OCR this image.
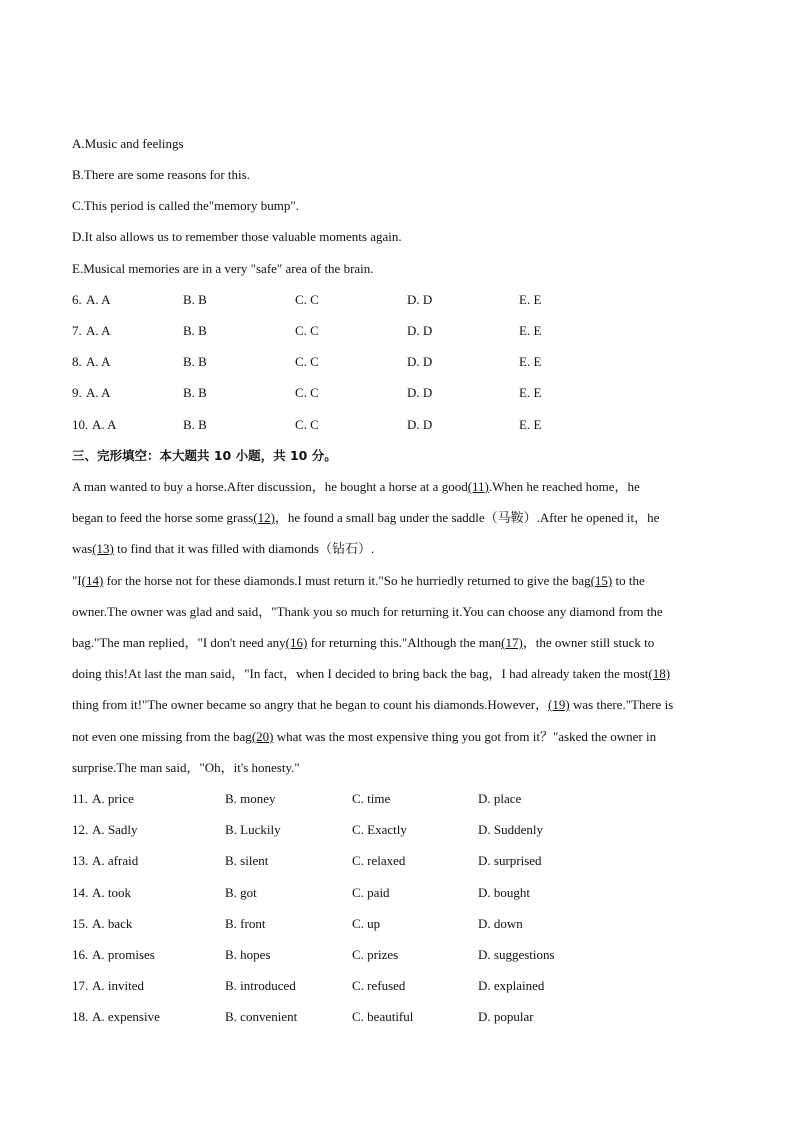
A.Music and feelings
B.There are some reasons for this.
C.This period is called the"memory bump".
D.It also allows us to remember those valuable moments again.
E.Musical memories are in a very "safe" area of the brain.
6. A. A	B. B	C. C	D. D	E. E
7. A. A	B. B	C. C	D. D	E. E
8. A. A	B. B	C. C	D. D	E. E
9. A. A	B. B	C. C	D. D	E. E
10. A. A	B. B	C. C	D. D	E. E
三、完形填空：本大题共 10 小题，共 10 分。
A man wanted to buy a horse.After discussion，he bought a horse at a good(11).When he reached home，he
began to feed the horse some grass(12)，he found a small bag under the saddle（马鞍）.After he opened it，he
was(13) to find that it was filled with diamonds（钻石）.
"I(14) for the horse not for these diamonds.I must return it."So he hurriedly returned to give the bag(15) to the
owner.The owner was glad and said，"Thank you so much for returning it.You can choose any diamond from the
bag."The man replied，"I don't need any(16) for returning this."Although the man(17)，the owner still stuck to
doing this!At last the man said，"In fact，when I decided to bring back the bag，I had already taken the most(18)
thing from it!"The owner became so angry that he began to count his diamonds.However，(19) was there."There is
not even one missing from the bag(20) what was the most expensive thing you got from it？"asked the owner in
surprise.The man said，"Oh，it's honesty."
11. A. price	B. money	C. time	D. place
12. A. Sadly	B. Luckily	C. Exactly	D. Suddenly
13. A. afraid	B. silent	C. relaxed	D. surprised
14. A. took	B. got	C. paid	D. bought
15. A. back	B. front	C. up	D. down
16. A. promises	B. hopes	C. prizes	D. suggestions
17. A. invited	B. introduced	C. refused	D. explained
18. A. expensive	B. convenient	C. beautiful	D. popular
